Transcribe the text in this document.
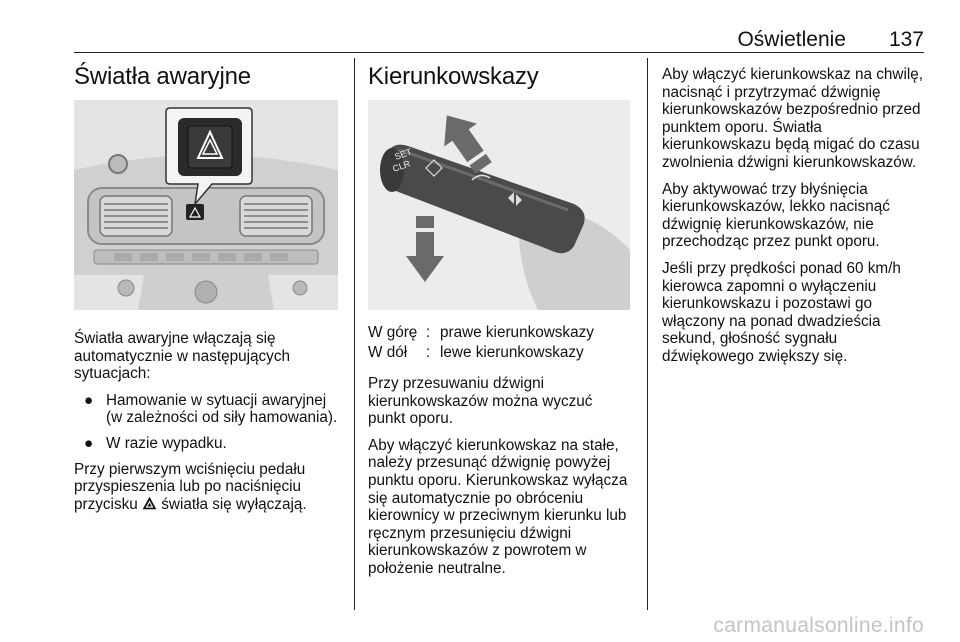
Oświetlenie 137
Światła awaryjne

Światła awaryjne włączają się automatycznie w następujących sytuacjach:

● Hamowanie w sytuacji awaryjnej (w zależności od siły hamowania).
● W razie wypadku.

Przy pierwszym wciśnięciu pedału przyspieszenia lub po naciśnięciu przycisku światła się wyłączają.

Kierunkowskazy
SET
CLR
W górę	:	prawe kierunkowskazy
W dół	:	lewe kierunkowskazy

Przy przesuwaniu dźwigni kierunkowskazów można wyczuć punkt oporu.

Aby włączyć kierunkowskaz na stałe, należy przesunąć dźwignię powyżej punktu oporu. Kierunkowskaz wyłącza się automatycznie po obróceniu kierownicy w przeciwnym kierunku lub ręcznym przesunięciu dźwigni kierunkowskazów z powrotem w położenie neutralne.

Aby włączyć kierunkowskaz na chwilę, nacisnąć i przytrzymać dźwignię kierunkowskazów bezpośrednio przed punktem oporu. Światła kierunkowskazu będą migać do czasu zwolnienia dźwigni kierunkowskazów.

Aby aktywować trzy błyśnięcia kierunkowskazów, lekko nacisnąć dźwignię kierunkowskazów, nie przechodząc przez punkt oporu.

Jeśli przy prędkości ponad 60 km/h kierowca zapomni o wyłączeniu kierunkowskazu i pozostawi go włączony na ponad dwadzieścia sekund, głośność sygnału dźwiękowego zwiększy się.

carmanualsonline.info
